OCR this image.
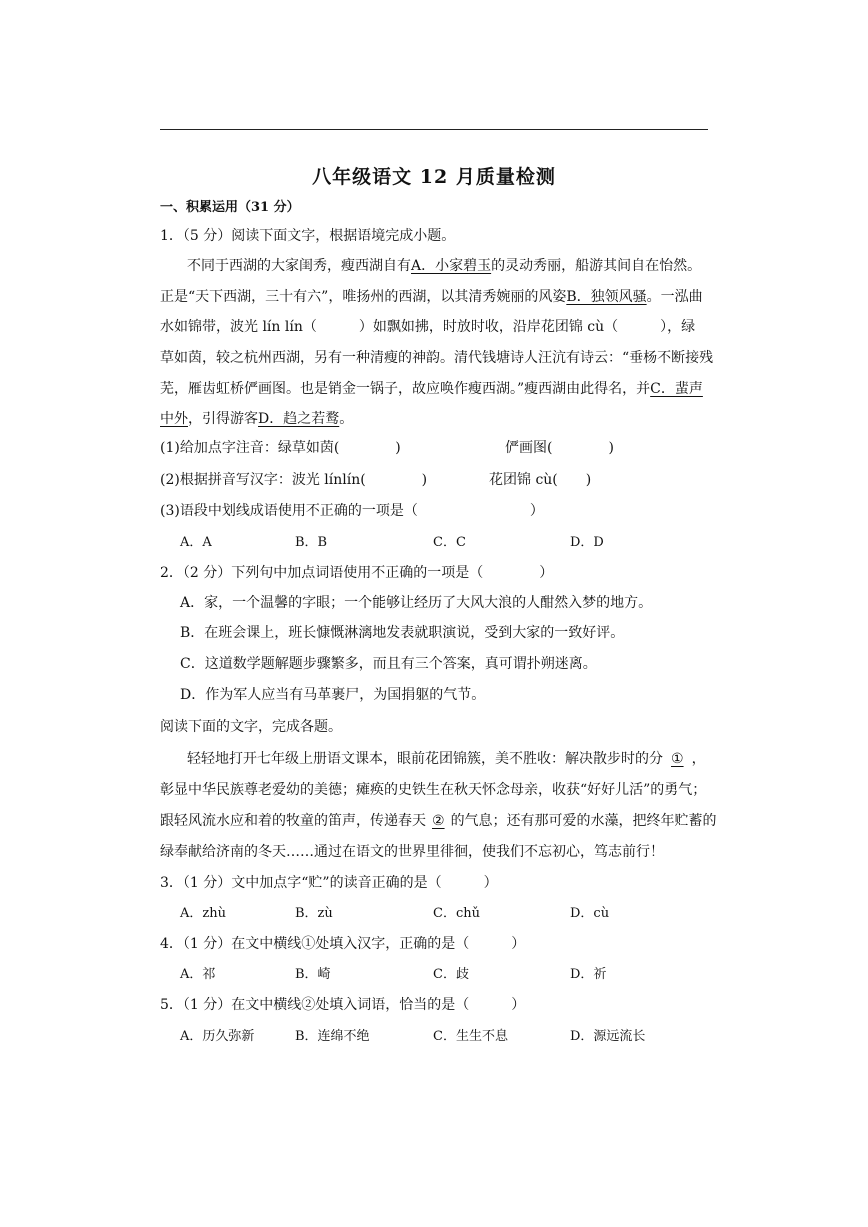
八年级语文 12 月质量检测
一、积累运用（31 分）
1．（5 分）阅读下面文字，根据语境完成小题。
不同于西湖的大家闺秀，瘦西湖自有A．小家碧玉的灵动秀丽，船游其间自在怡然。
正是“天下西湖，三十有六”，唯扬州的西湖，以其清秀婉丽的风姿B．独领风骚。一泓曲
水如锦带，波光 lín lín（　　　）如飘如拂，时放时收，沿岸花团锦 cù（　　　），绿
草如茵，较之杭州西湖，另有一种清瘦的神韵。清代钱塘诗人汪沆有诗云：“垂杨不断接残
芜，雁齿虹桥俨画图。也是销金一锅子，故应唤作瘦西湖。”瘦西湖由此得名，并C．蜚声
中外，引得游客D．趋之若鹜。
(1)给加点字注音：绿草如茵(　　　　)	俨画图(　　　　)
(2)根据拼音写汉字：波光 línlín(　　　　)	花团锦 cù(　　)
(3)语段中划线成语使用不正确的一项是（　　　　　　　　）
A．A	B．B	C．C	D．D
2．（2 分）下列句中加点词语使用不正确的一项是（　　　　）
A．家，一个温馨的字眼；一个能够让经历了大风大浪的人酣然入梦的地方。
B．在班会课上，班长慷慨淋漓地发表就职演说，受到大家的一致好评。
C．这道数学题解题步骤繁多，而且有三个答案，真可谓扑朔迷离。
D．作为军人应当有马革裹尸，为国捐躯的气节。
阅读下面的文字，完成各题。
轻轻地打开七年级上册语文课本，眼前花团锦簇，美不胜收：解决散步时的分 ① ，
彰显中华民族尊老爱幼的美德；瘫痪的史铁生在秋天怀念母亲，收获“好好儿活”的勇气；
跟轻风流水应和着的牧童的笛声，传递春天 ② 的气息；还有那可爱的水藻，把终年贮蓄的
绿奉献给济南的冬天……通过在语文的世界里徘徊，使我们不忘初心，笃志前行！
3．（1 分）文中加点字“贮”的读音正确的是（　　　）
A．zhù	B．zù	C．chǔ	D．cù
4．（1 分）在文中横线①处填入汉字，正确的是（　　　）
A．祁	B．崎	C．歧	D．祈
5．（1 分）在文中横线②处填入词语，恰当的是（　　　）
A．历久弥新	B．连绵不绝	C．生生不息	D．源远流长
